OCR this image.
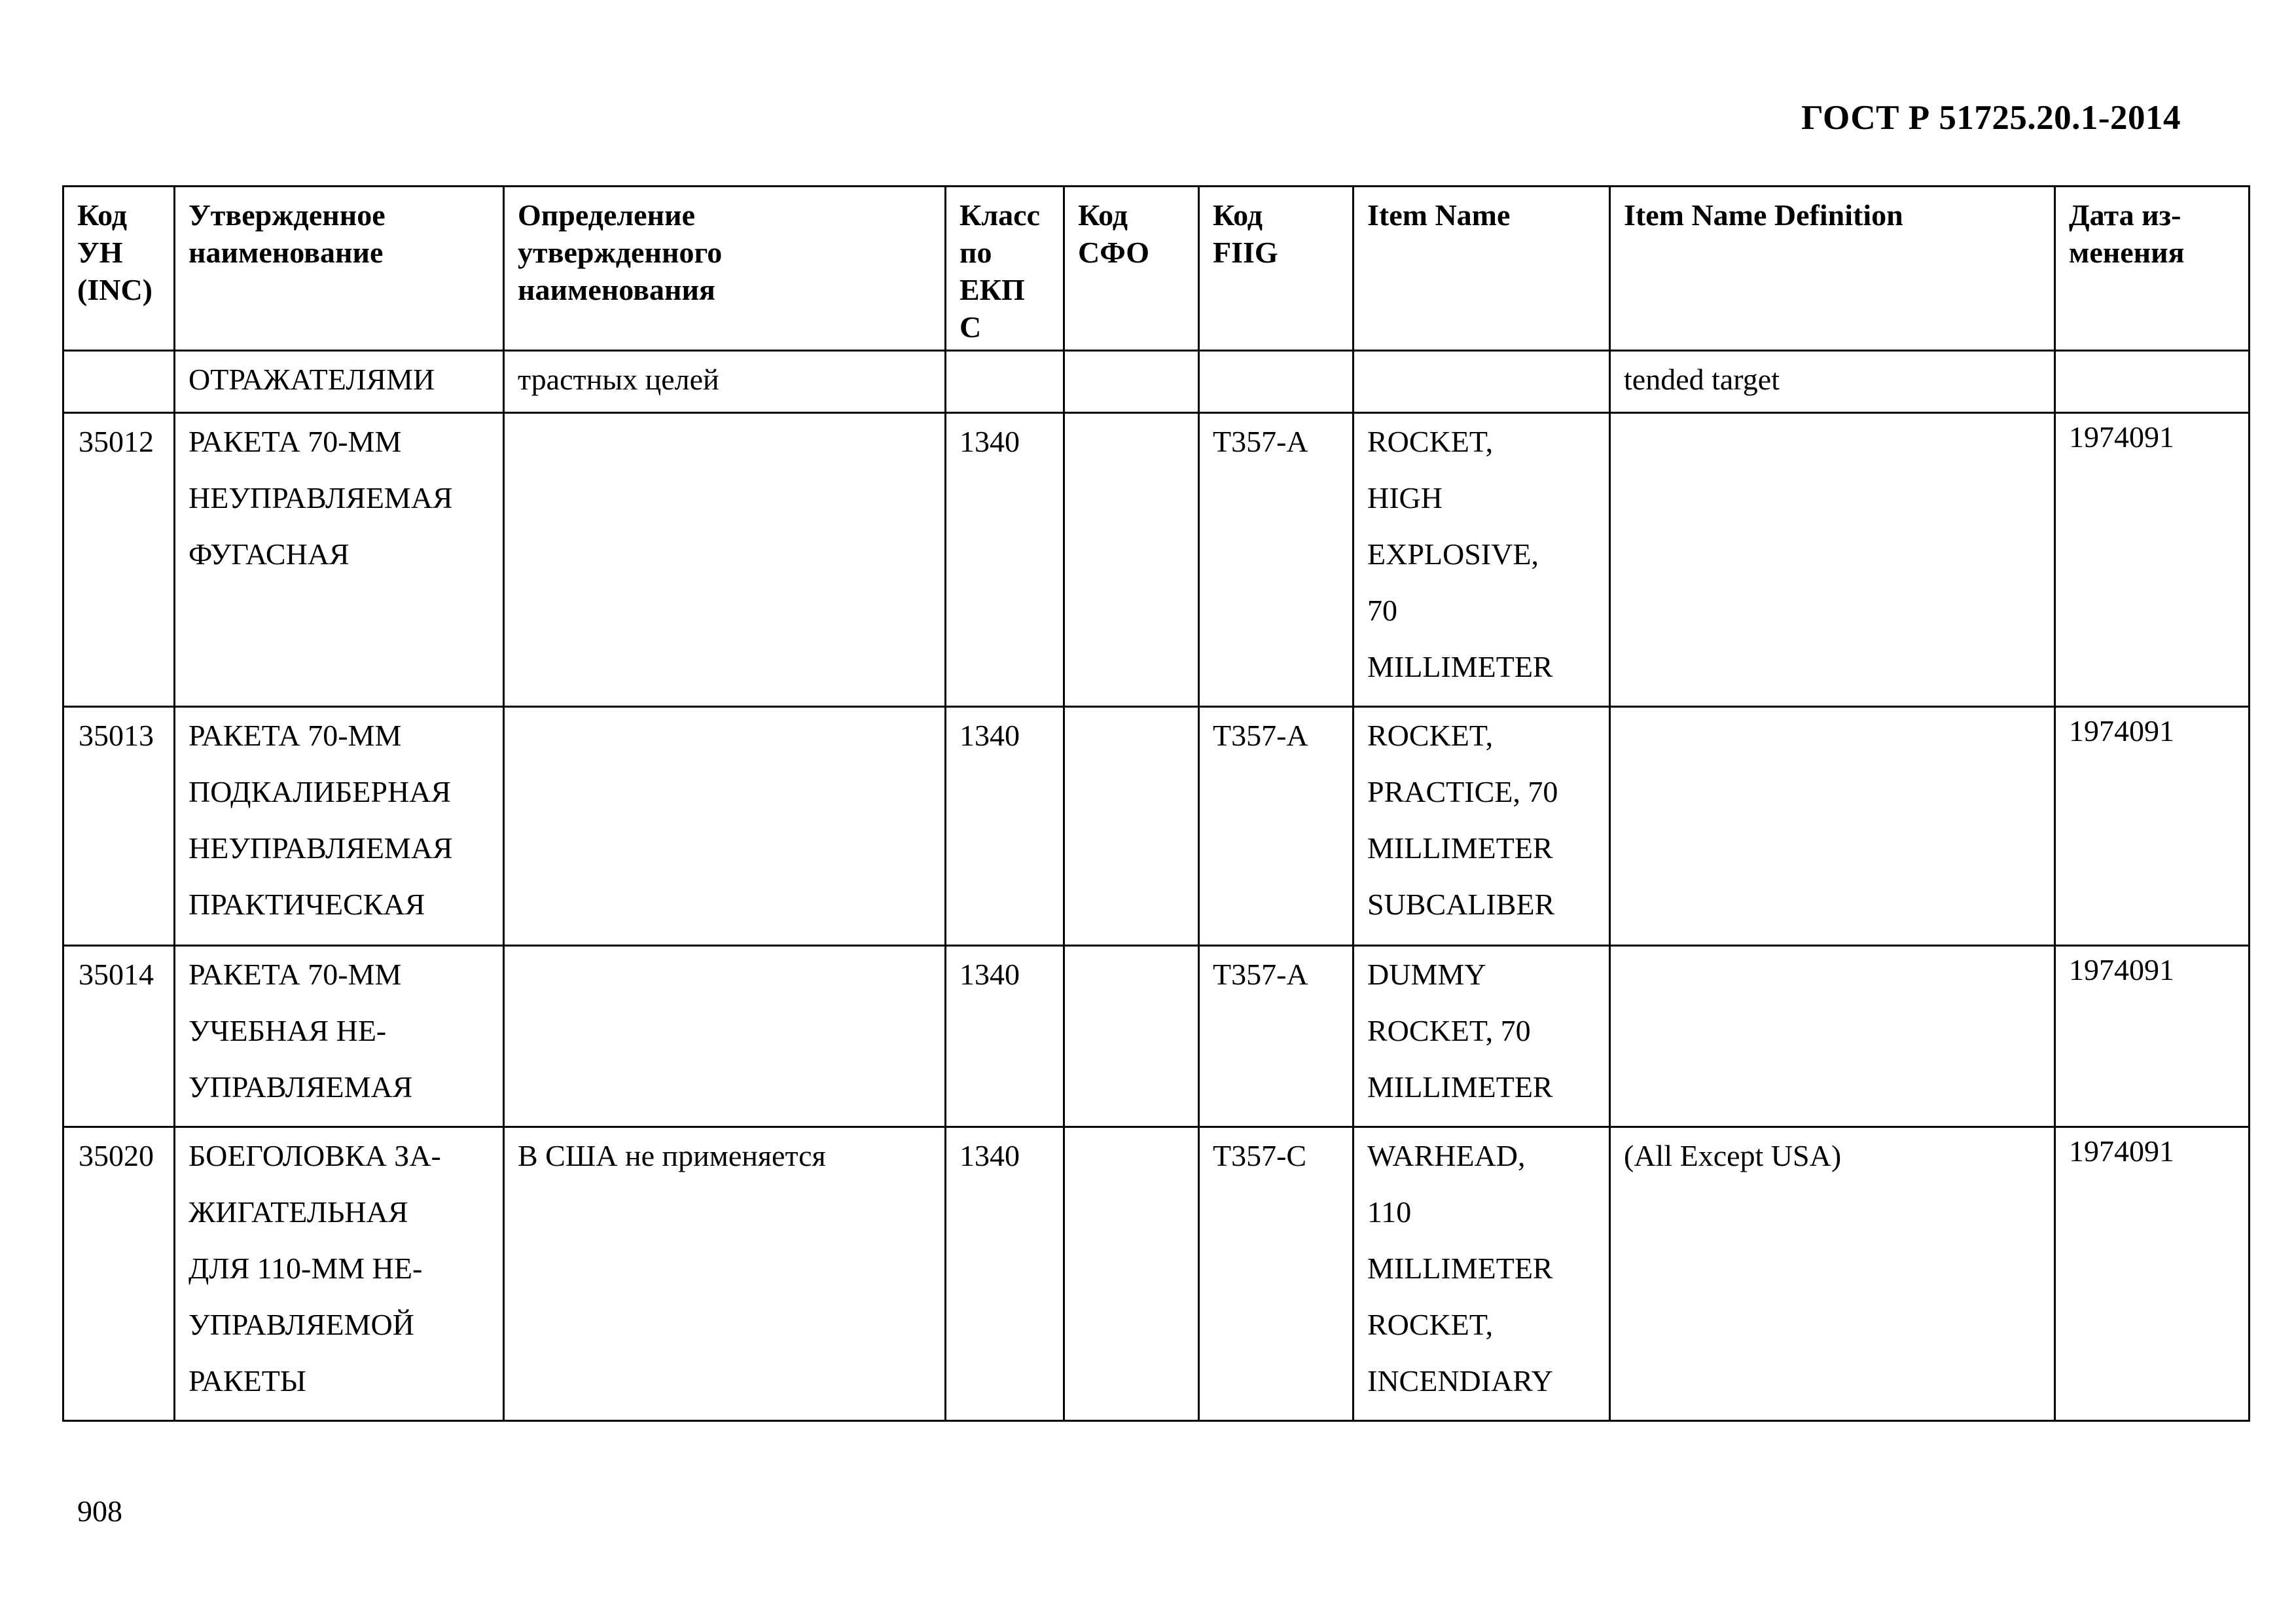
ГОСТ Р 51725.20.1-2014
Код
УН
(INC)	Утвержденное
наименование	Определение
утвержденного
наименования	Класс
по
ЕКП
С	Код
СФО	Код
FIIG	Item Name	Item Name Definition	Дата из-
менения

	ОТРАЖАТЕЛЯМИ	трастных целей					tended target	

35012	РАКЕТА 70-ММ
НЕУПРАВЛЯЕМАЯ
ФУГАСНАЯ		1340		T357-A	ROCKET,
HIGH
EXPLOSIVE,
70
MILLIMETER		1974091
35013	РАКЕТА 70-ММ
ПОДКАЛИБЕРНАЯ
НЕУПРАВЛЯЕМАЯ
ПРАКТИЧЕСКАЯ		1340		T357-A	ROCKET,
PRACTICE, 70
MILLIMETER
SUBCALIBER		1974091
35014	РАКЕТА 70-ММ
УЧЕБНАЯ НЕ-
УПРАВЛЯЕМАЯ		1340		T357-A	DUMMY
ROCKET, 70
MILLIMETER		1974091
35020	БОЕГОЛОВКА ЗА-
ЖИГАТЕЛЬНАЯ
ДЛЯ 110-ММ НЕ-
УПРАВЛЯЕМОЙ
РАКЕТЫ	В США не применяется	1340		T357-C	WARHEAD,
110
MILLIMETER
ROCKET,
INCENDIARY	(All Except USA)	1974091
908
